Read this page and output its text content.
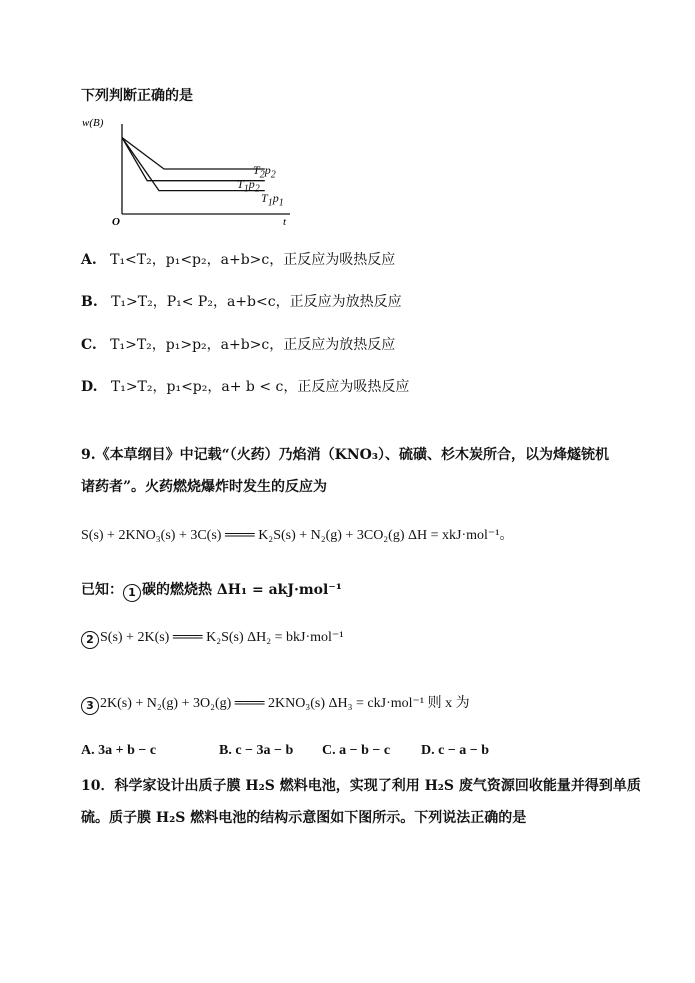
下列判断正确的是
w(B)
t
O
$T_2p_2$
$T_1p_2$
$T_1p_1$
A. T₁<T₂，p₁<p₂，a+b>c，正反应为吸热反应
B. T₁>T₂，P₁< P₂，a+b<c，正反应为放热反应
C. T₁>T₂，p₁>p₂，a+b>c，正反应为放热反应
D. T₁>T₂，p₁<p₂，a+ b < c，正反应为吸热反应
9.《本草纲目》中记载“（火药）乃焰消（KNO₃）、硫磺、杉木炭所合，以为烽燧铳机
诸药者”。火药燃烧爆炸时发生的反应为
S(s) + 2KNO₃(s) + 3C(s) ═══ K₂S(s) + N₂(g) + 3CO₂(g) ΔH = xkJ·mol⁻¹。
已知： 1 碳的燃烧热 ΔH₁ = akJ·mol⁻¹
2 S(s) + 2K(s) ═══ K₂S(s) ΔH₂ = bkJ·mol⁻¹
3 2K(s) + N₂(g) + 3O₂(g) ═══ 2KNO₃(s) ΔH₃ = ckJ·mol⁻¹ 则 x 为
A. 3a + b − c	B. c − 3a − b C. a − b − c D. c − a − b
10．科学家设计出质子膜 H₂S 燃料电池，实现了利用 H₂S 废气资源回收能量并得到单质
硫。质子膜 H₂S 燃料电池的结构示意图如下图所示。下列说法正确的是
